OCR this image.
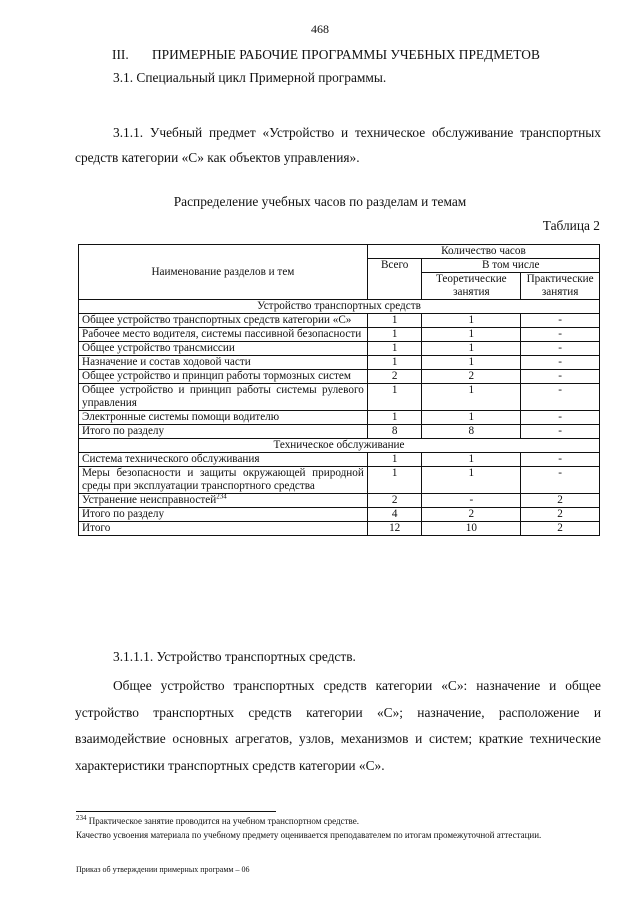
468
III. ПРИМЕРНЫЕ РАБОЧИЕ ПРОГРАММЫ УЧЕБНЫХ ПРЕДМЕТОВ
3.1. Специальный цикл Примерной программы.
3.1.1. Учебный предмет «Устройство и техническое обслуживание транспортных средств категории «С» как объектов управления».
Распределение учебных часов по разделам и темам
Таблица 2
Наименование разделов и тем	Количество часов		
	Всего	В том числе	
		Теоретические занятия	Практические занятия
Устройство транспортных средств			
Общее устройство транспортных средств категории «С»	1	1	-
Рабочее место водителя, системы пассивной безопасности	1	1	-
Общее устройство трансмиссии	1	1	-
Назначение и состав ходовой части	1	1	-
Общее устройство и принцип работы тормозных систем	2	2	-
Общее устройство и принцип работы системы рулевого управления	1	1	-
Электронные системы помощи водителю	1	1	-
Итого по разделу	8	8	-
Техническое обслуживание			
Система технического обслуживания	1	1	-
Меры безопасности и защиты окружающей природной среды при эксплуатации транспортного средства	1	1	-
Устранение неисправностей$^{234}$	2	-	2
Итого по разделу	4	2	2
Итого	12	10	2
3.1.1.1. Устройство транспортных средств.
Общее устройство транспортных средств категории «С»: назначение и общее устройство транспортных средств категории «С»; назначение, расположение и взаимодействие основных агрегатов, узлов, механизмов и систем; краткие технические характеристики транспортных средств категории «С».
$^{234}$ Практическое занятие проводится на учебном транспортном средстве.
Качество усвоения материала по учебному предмету оценивается преподавателем по итогам промежуточной аттестации.
Приказ об утверждении примерных программ – 06
